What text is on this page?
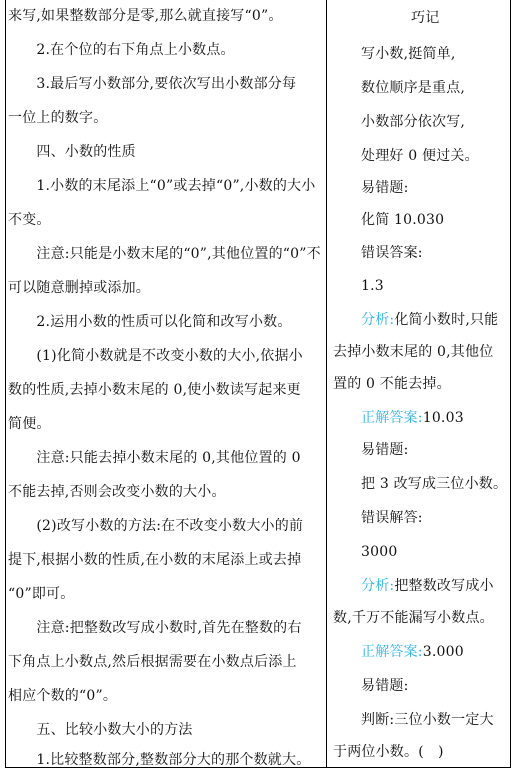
来写,如果整数部分是零,那么就直接写“0”。
　　2.在个位的右下角点上小数点。
　　3.最后写小数部分,要依次写出小数部分每
一位上的数字。
　　四、小数的性质
　　1.小数的末尾添上“0”或去掉“0”,小数的大小
不变。
　　注意:只能是小数末尾的“0”,其他位置的“0”不
可以随意删掉或添加。
　　2.运用小数的性质可以化简和改写小数。
　　(1)化简小数就是不改变小数的大小,依据小
数的性质,去掉小数末尾的 0,使小数读写起来更
简便。
　　注意:只能去掉小数末尾的 0,其他位置的 0
不能去掉,否则会改变小数的大小。
　　(2)改写小数的方法:在不改变小数大小的前
提下,根据小数的性质,在小数的末尾添上或去掉
“0”即可。
　　注意:把整数改写成小数时,首先在整数的右
下角点上小数点,然后根据需要在小数点后添上
相应个数的“0”。
　　五、比较小数大小的方法
　　1.比较整数部分,整数部分大的那个数就大。
巧记
写小数,挺简单,
数位顺序是重点,
小数部分依次写,
处理好 0 便过关。
易错题:
化简 10.030
错误答案:
1.3
分析:化简小数时,只能
去掉小数末尾的 0,其他位
置的 0 不能去掉。
正解答案:10.03
易错题:
把 3 改写成三位小数。
错误解答:
3000
分析:把整数改写成小
数,千万不能漏写小数点。
正解答案:3.000
易错题:
判断:三位小数一定大
于两位小数。(　)
